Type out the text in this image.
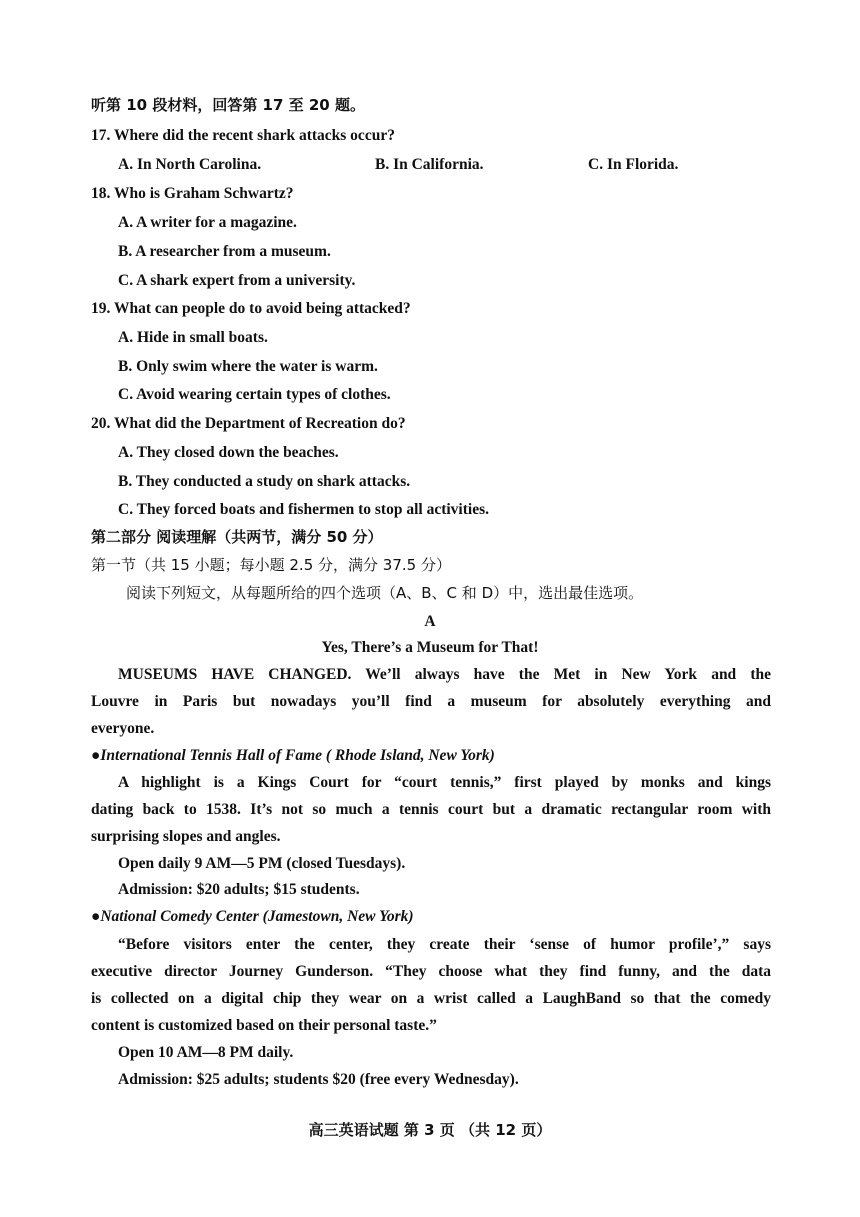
听第 10 段材料，回答第 17 至 20 题。
17. Where did the recent shark attacks occur?
A. In North Carolina.	B. In California.	C. In Florida.
18. Who is Graham Schwartz?
A. A writer for a magazine.
B. A researcher from a museum.
C. A shark expert from a university.
19. What can people do to avoid being attacked?
A. Hide in small boats.
B. Only swim where the water is warm.
C. Avoid wearing certain types of clothes.
20. What did the Department of Recreation do?
A. They closed down the beaches.
B. They conducted a study on shark attacks.
C. They forced boats and fishermen to stop all activities.
第二部分 阅读理解（共两节，满分 50 分）
第一节（共 15 小题；每小题 2.5 分，满分 37.5 分）
阅读下列短文，从每题所给的四个选项（A、B、C 和 D）中，选出最佳选项。
A
Yes, There’s a Museum for That!
MUSEUMS HAVE CHANGED. We’ll always have the Met in New York and the
Louvre in Paris but nowadays you’ll find a museum for absolutely everything and
everyone.
●International Tennis Hall of Fame ( Rhode Island, New York)
A highlight is a Kings Court for “court tennis,” first played by monks and kings
dating back to 1538. It’s not so much a tennis court but a dramatic rectangular room with
surprising slopes and angles.
Open daily 9 AM—5 PM (closed Tuesdays).
Admission: $20 adults; $15 students.
●National Comedy Center (Jamestown, New York)
“Before visitors enter the center, they create their ‘sense of humor profile’,” says
executive director Journey Gunderson. “They choose what they find funny, and the data
is collected on a digital chip they wear on a wrist called a LaughBand so that the comedy
content is customized based on their personal taste.”
Open 10 AM—8 PM daily.
Admission: $25 adults; students $20 (free every Wednesday).
高三英语试题 第 3 页 （共 12 页）
